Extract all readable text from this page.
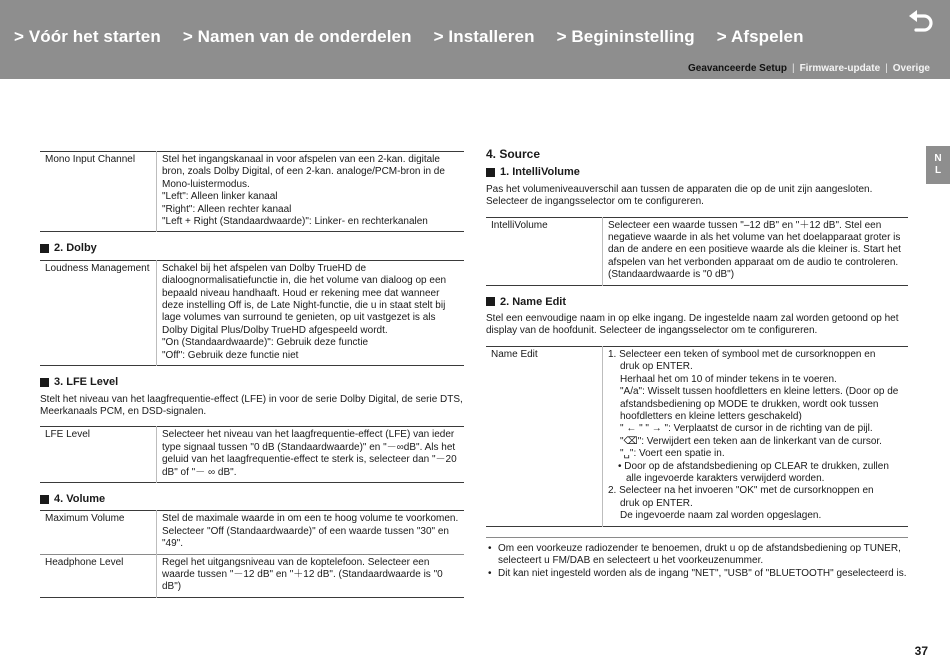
> Vóór het starten > Namen van de onderdelen > Installeren > Begininstelling > Afspelen
Geavanceerde Setup | Firmware-update | Overige
N
L
Mono Input Channel	Stel het ingangskanaal in voor afspelen van een 2-kan. digitale bron, zoals Dolby Digital, of een 2-kan. analoge/PCM-bron in de Mono-luistermodus.
"Left": Alleen linker kanaal
"Right": Alleen rechter kanaal
"Left + Right (Standaardwaarde)": Linker- en rechterkanalen
2. Dolby
Loudness Management	Schakel bij het afspelen van Dolby TrueHD de dialoognormalisatiefunctie in, die het volume van dialoog op een bepaald niveau handhaaft. Houd er rekening mee dat wanneer deze instelling Off is, de Late Night-functie, die u in staat stelt bij lage volumes van surround te genieten, op uit vastgezet is als Dolby Digital Plus/Dolby TrueHD afgespeeld wordt.
"On (Standaardwaarde)": Gebruik deze functie
"Off": Gebruik deze functie niet
3. LFE Level
Stelt het niveau van het laagfrequentie-effect (LFE) in voor de serie Dolby Digital, de serie DTS, Meerkanaals PCM, en DSD-signalen.
LFE Level	Selecteer het niveau van het laagfrequentie-effect (LFE) van ieder type signaal tussen "0 dB (Standaardwaarde)" en "－∞dB". Als het geluid van het laagfrequentie-effect te sterk is, selecteer dan "－20 dB" of "－ ∞ dB".
4. Volume
Maximum Volume	Stel de maximale waarde in om een te hoog volume te voorkomen. Selecteer "Off (Standaardwaarde)" of een waarde tussen "30" en "49".
Headphone Level	Regel het uitgangsniveau van de koptelefoon. Selecteer een waarde tussen "－12 dB" en "＋12 dB". (Standaardwaarde is "0 dB")
4. Source
1. IntelliVolume
Pas het volumeniveauverschil aan tussen de apparaten die op de unit zijn aangesloten. Selecteer de ingangsselector om te configureren.
IntelliVolume	Selecteer een waarde tussen "–12 dB" en "＋12 dB". Stel een negatieve waarde in als het volume van het doelapparaat groter is dan de andere en een positieve waarde als die kleiner is. Start het afspelen van het verbonden apparaat om de audio te controleren. (Standaardwaarde is "0 dB")
2. Name Edit
Stel een eenvoudige naam in op elke ingang. De ingestelde naam zal worden getoond op het display van de hoofdunit. Selecteer de ingangsselector om te configureren.
Name Edit	1. Selecteer een teken of symbool met de cursorknoppen en
druk op ENTER.
Herhaal het om 10 of minder tekens in te voeren.
"A/a": Wisselt tussen hoofdletters en kleine letters. (Door op de afstandsbediening op MODE te drukken, wordt ook tussen hoofdletters en kleine letters geschakeld)
" ← " " → ": Verplaatst de cursor in de richting van de pijl.
"⌫": Verwijdert een teken aan de linkerkant van de cursor.
"␣": Voert een spatie in.
• Door op de afstandsbediening op CLEAR te drukken, zullen alle ingevoerde karakters verwijderd worden.
2. Selecteer na het invoeren "OK" met de cursorknoppen en
druk op ENTER.
De ingevoerde naam zal worden opgeslagen.
• Om een voorkeuze radiozender te benoemen, drukt u op de afstandsbediening op TUNER, selecteert u FM/DAB en selecteert u het voorkeuzenummer.
• Dit kan niet ingesteld worden als de ingang "NET", "USB" of "BLUETOOTH" geselecteerd is.
37
